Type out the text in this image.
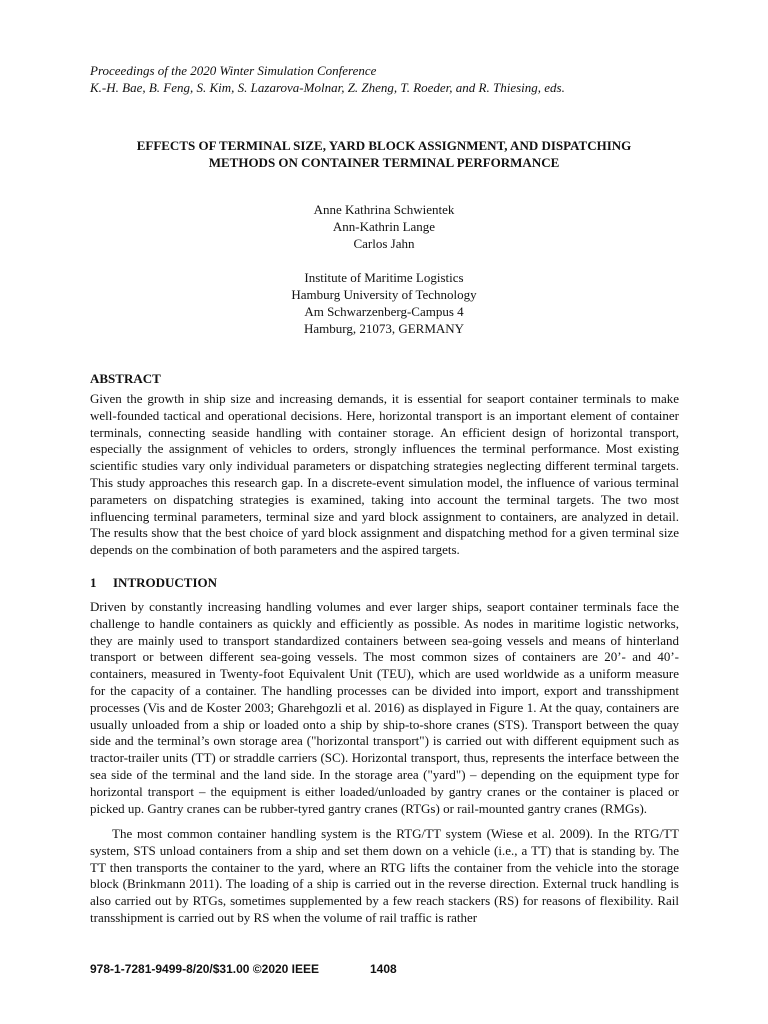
Proceedings of the 2020 Winter Simulation Conference
K.-H. Bae, B. Feng, S. Kim, S. Lazarova-Molnar, Z. Zheng, T. Roeder, and R. Thiesing, eds.
EFFECTS OF TERMINAL SIZE, YARD BLOCK ASSIGNMENT, AND DISPATCHING
METHODS ON CONTAINER TERMINAL PERFORMANCE
Anne Kathrina Schwientek
Ann-Kathrin Lange
Carlos Jahn
Institute of Maritime Logistics
Hamburg University of Technology
Am Schwarzenberg-Campus 4
Hamburg, 21073, GERMANY
ABSTRACT

Given the growth in ship size and increasing demands, it is essential for seaport container terminals to make well-founded tactical and operational decisions. Here, horizontal transport is an important element of container terminals, connecting seaside handling with container storage. An efficient design of horizontal transport, especially the assignment of vehicles to orders, strongly influences the terminal performance. Most existing scientific studies vary only individual parameters or dispatching strategies neglecting different terminal targets. This study approaches this research gap. In a discrete-event simulation model, the influence of various terminal parameters on dispatching strategies is examined, taking into account the terminal targets. The two most influencing terminal parameters, terminal size and yard block assignment to containers, are analyzed in detail. The results show that the best choice of yard block assignment and dispatching method for a given terminal size depends on the combination of both parameters and the aspired targets.

1 INTRODUCTION

Driven by constantly increasing handling volumes and ever larger ships, seaport container terminals face the challenge to handle containers as quickly and efficiently as possible. As nodes in maritime logistic networks, they are mainly used to transport standardized containers between sea-going vessels and means of hinterland transport or between different sea-going vessels. The most common sizes of containers are 20’- and 40’-containers, measured in Twenty-foot Equivalent Unit (TEU), which are used worldwide as a uniform measure for the capacity of a container. The handling processes can be divided into import, export and transshipment processes (Vis and de Koster 2003; Gharehgozli et al. 2016) as displayed in Figure 1. At the quay, containers are usually unloaded from a ship or loaded onto a ship by ship-to-shore cranes (STS). Transport between the quay side and the terminal’s own storage area ("horizontal transport") is carried out with different equipment such as tractor-trailer units (TT) or straddle carriers (SC). Horizontal transport, thus, represents the interface between the sea side of the terminal and the land side. In the storage area ("yard") – depending on the equipment type for horizontal transport – the equipment is either loaded/unloaded by gantry cranes or the container is placed or picked up. Gantry cranes can be rubber-tyred gantry cranes (RTGs) or rail-mounted gantry cranes (RMGs).

The most common container handling system is the RTG/TT system (Wiese et al. 2009). In the RTG/TT system, STS unload containers from a ship and set them down on a vehicle (i.e., a TT) that is standing by. The TT then transports the container to the yard, where an RTG lifts the container from the vehicle into the storage block (Brinkmann 2011). The loading of a ship is carried out in the reverse direction. External truck handling is also carried out by RTGs, sometimes supplemented by a few reach stackers (RS) for reasons of flexibility. Rail transshipment is carried out by RS when the volume of rail traffic is rather

978-1-7281-9499-8/20/$31.00 ©2020 IEEE	1408
